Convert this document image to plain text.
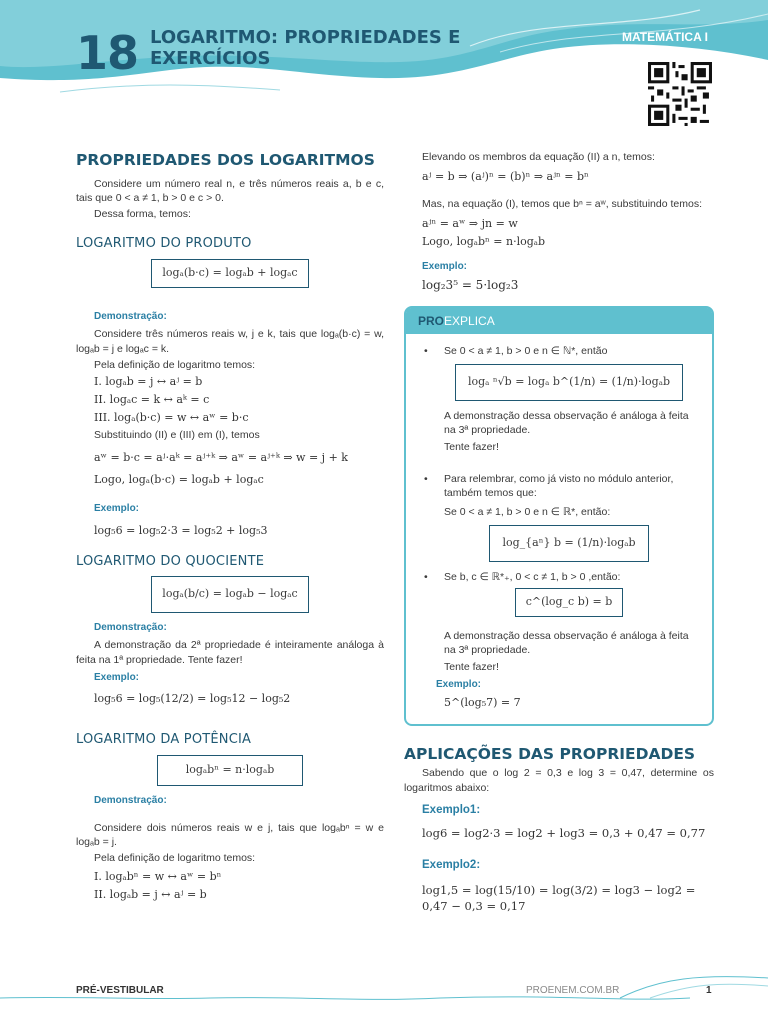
18 LOGARITMO: PROPRIEDADES E EXERCÍCIOS
MATEMÁTICA I
PROPRIEDADES DOS LOGARITMOS

Considere um número real n, e três números reais a, b e c, tais que 0 < a ≠ 1, b > 0 e c > 0.

Dessa forma, temos:

LOGARITMO DO PRODUTO
logₐ(b·c) = logₐb + logₐc
Demonstração:

Considere três números reais w, j e k, tais que logₐ(b·c) = w, logₐb = j e logₐc = k.

Pela definição de logaritmo temos:

I. logₐb = j ↔ aʲ = b

II. logₐc = k ↔ aᵏ = c

III. logₐ(b·c) = w ↔ aʷ = b·c

Substituindo (II) e (III) em (I), temos

aʷ = b·c = aʲ·aᵏ = aʲ⁺ᵏ ⇒ aʷ = aʲ⁺ᵏ ⇒ w = j + k

Logo, logₐ(b·c) = logₐb + logₐc

Exemplo:

log₅6 = log₅2·3 = log₅2 + log₅3

LOGARITMO DO QUOCIENTE
logₐ(b/c) = logₐb − logₐc
Demonstração:

A demonstração da 2ª propriedade é inteiramente análoga à feita na 1ª propriedade. Tente fazer!

Exemplo:

log₅6 = log₅(12/2) = log₅12 − log₅2

LOGARITMO DA POTÊNCIA
logₐbⁿ = n·logₐb
Demonstração:

Considere dois números reais w e j, tais que logₐbⁿ = w e logₐb = j.

Pela definição de logaritmo temos:

I. logₐbⁿ = w ↔ aʷ = bⁿ

II. logₐb = j ↔ aʲ = b

Elevando os membros da equação (II) a n, temos:

aʲ = b ⇒ (aʲ)ⁿ = (b)ⁿ ⇒ aʲⁿ = bⁿ

Mas, na equação (I), temos que bⁿ = aʷ, substituindo temos:

aʲⁿ = aʷ ⇒ jn = w

Logo, logₐbⁿ = n·logₐb

Exemplo:

log₂3⁵ = 5·log₂3

PROEXPLICA

• Se 0 < a ≠ 1, b > 0 e n ∈ ℕ*, então

logₐ ⁿ√b = logₐ b^(1/n) = (1/n)·logₐb

A demonstração dessa observação é análoga à feita na 3ª propriedade.

Tente fazer!

• Para relembrar, como já visto no módulo anterior, também temos que:

Se 0 < a ≠ 1, b > 0 e n ∈ ℝ*, então:

log_{aⁿ} b = (1/n)·logₐb

• Se b, c ∈ ℝ*₊, 0 < c ≠ 1, b > 0 ,então:

c^(log_c b) = b

A demonstração dessa observação é análoga à feita na 3ª propriedade.

Tente fazer!

Exemplo:

5^(log₅7) = 7

APLICAÇÕES DAS PROPRIEDADES

Sabendo que o log 2 = 0,3 e log 3 = 0,47, determine os logaritmos abaixo:

Exemplo1:

log6 = log2·3 = log2 + log3 = 0,3 + 0,47 = 0,77

Exemplo2:

log1,5 = log(15/10) = log(3/2) = log3 − log2 = 0,47 − 0,3 = 0,17

PRÉ-VESTIBULAR	PROENEM.COM.BR	1
